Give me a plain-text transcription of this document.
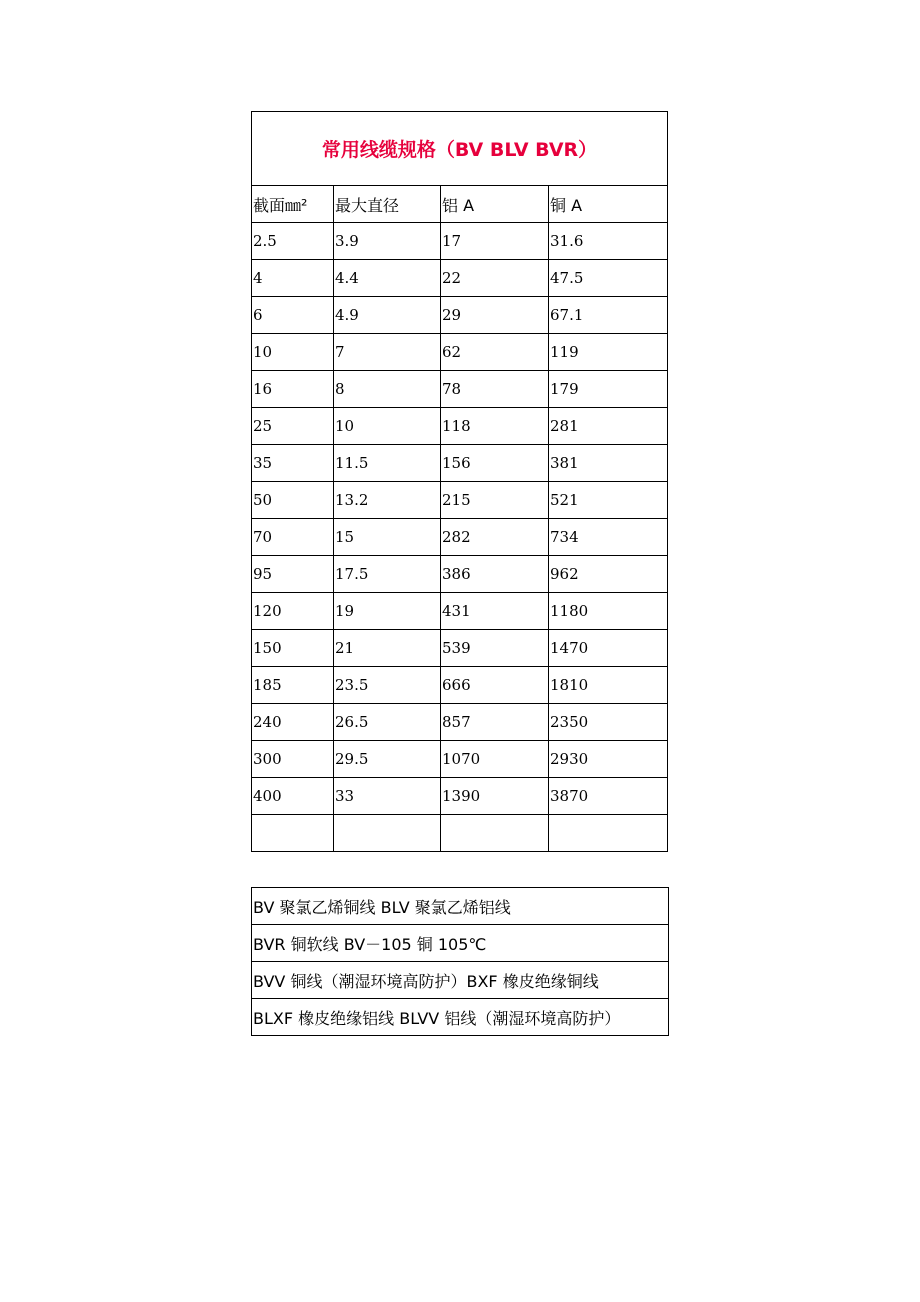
常用线缆规格（BV BLV BVR）			
截面㎜²	最大直径	铝 A	铜 A
2.5	3.9	17	31.6
4	4.4	22	47.5
6	4.9	29	67.1
10	7	62	119
16	8	78	179
25	10	118	281
35	11.5	156	381
50	13.2	215	521
70	15	282	734
95	17.5	386	962
120	19	431	1180
150	21	539	1470
185	23.5	666	1810
240	26.5	857	2350
300	29.5	1070	2930
400	33	1390	3870

BV 聚氯乙烯铜线 BLV 聚氯乙烯铝线
BVR 铜软线 BV－105 铜 105℃
BVV 铜线（潮湿环境高防护）BXF 橡皮绝缘铜线
BLXF 橡皮绝缘铝线 BLVV 铝线（潮湿环境高防护）
